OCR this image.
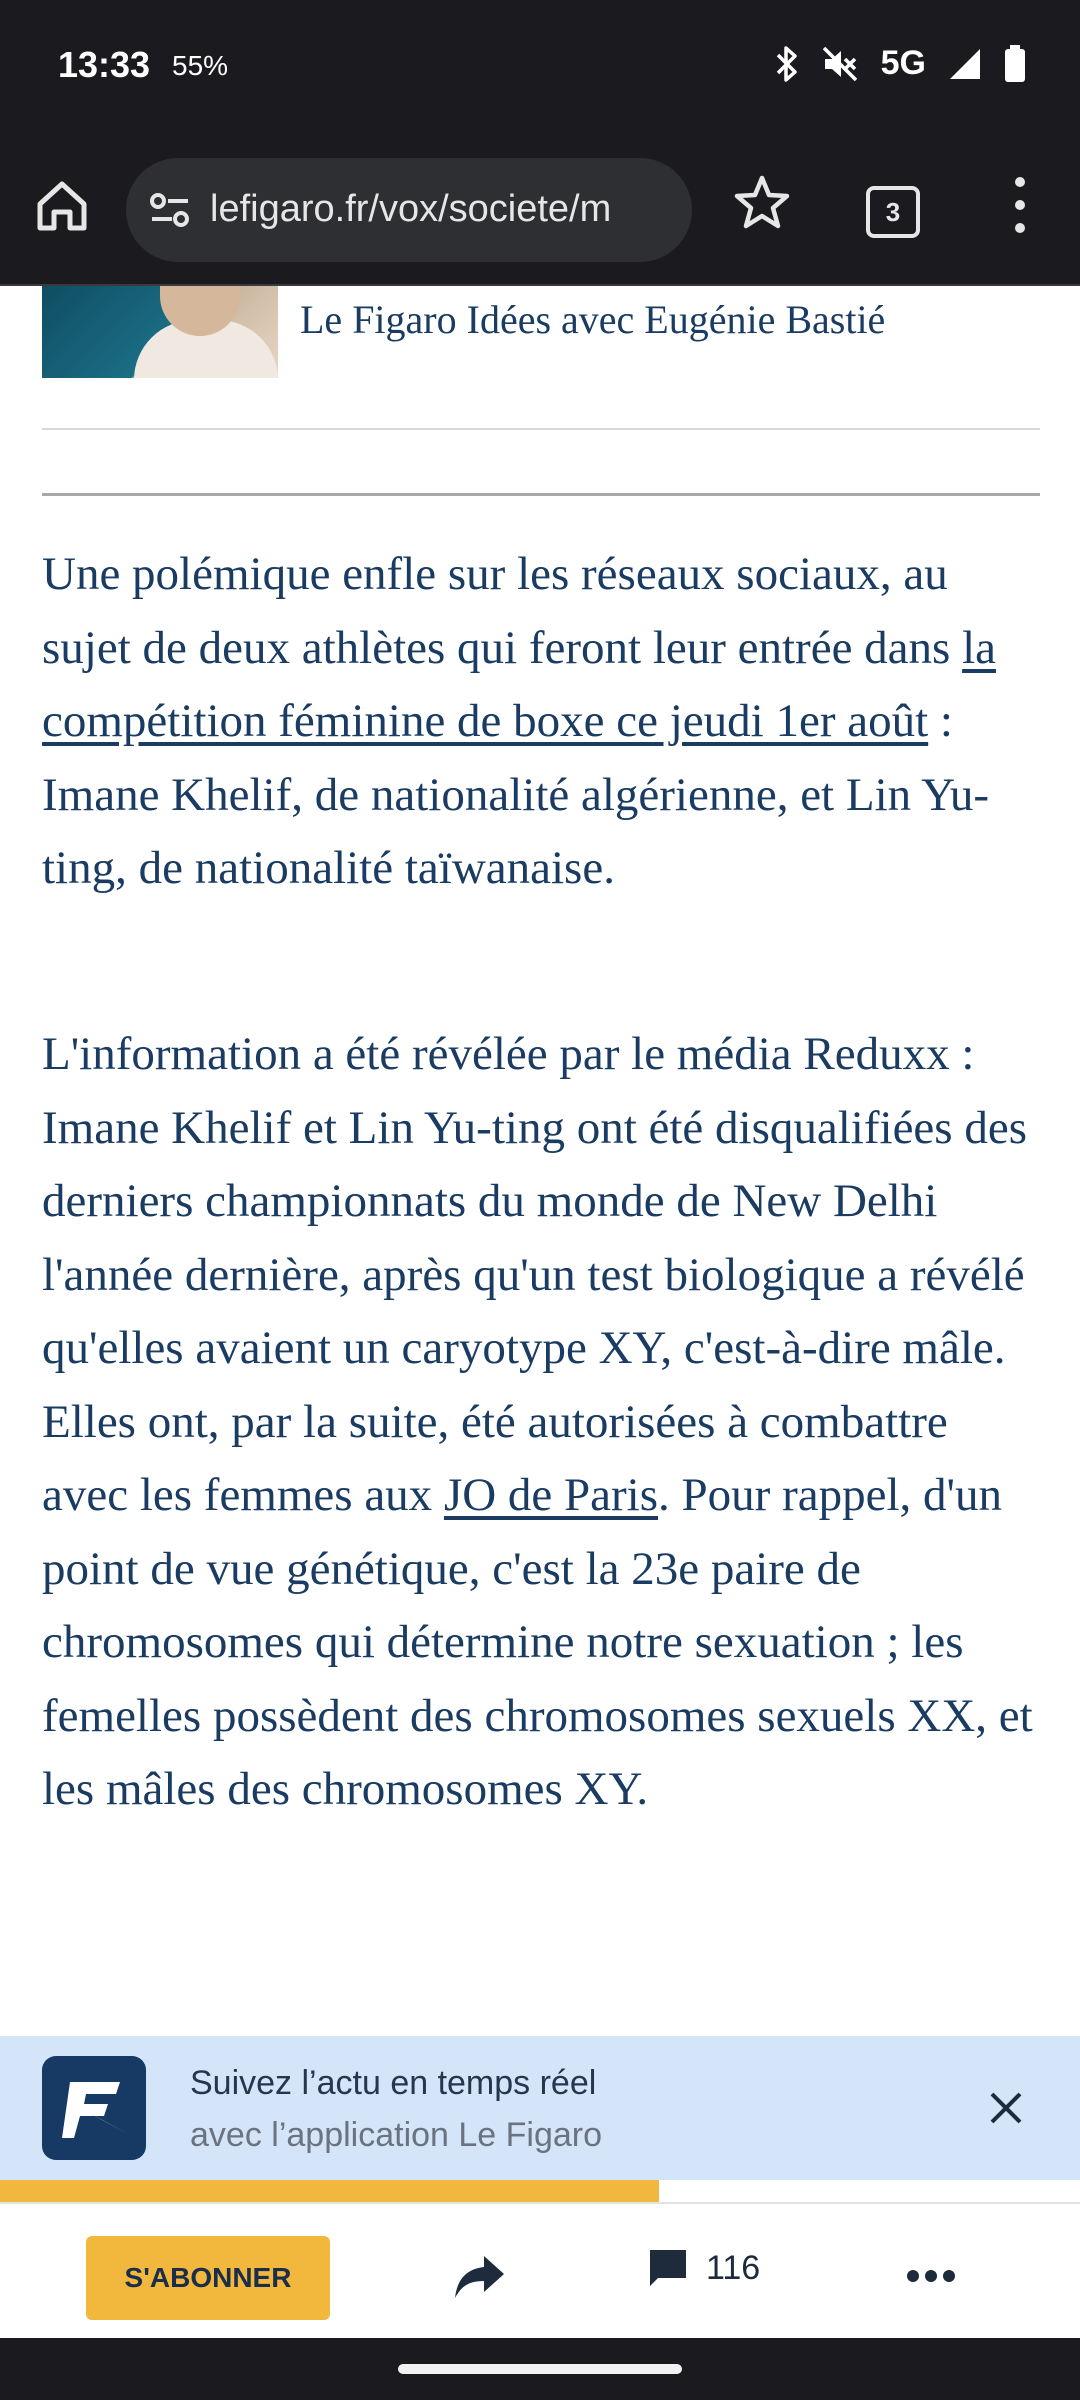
13:33 55%	5G
lefigaro.fr/vox/societe/m	3
Le Figaro Idées avec Eugénie Bastié

Une polémique enfle sur les réseaux sociaux, au sujet de deux athlètes qui feront leur entrée dans la compétition féminine de boxe ce jeudi 1er août : Imane Khelif, de nationalité algérienne, et Lin Yu-ting, de nationalité taïwanaise.

L'information a été révélée par le média Reduxx : Imane Khelif et Lin Yu-ting ont été disqualifiées des derniers championnats du monde de New Delhi l'année dernière, après qu'un test biologique a révélé qu'elles avaient un caryotype XY, c'est-à-dire mâle. Elles ont, par la suite, été autorisées à combattre avec les femmes aux JO de Paris. Pour rappel, d'un point de vue génétique, c'est la 23e paire de chromosomes qui détermine notre sexuation ; les femelles possèdent des chromosomes sexuels XX, et les mâles des chromosomes XY.

Suivez l’actu en temps réel
avec l’application Le Figaro
S'ABONNER	116
